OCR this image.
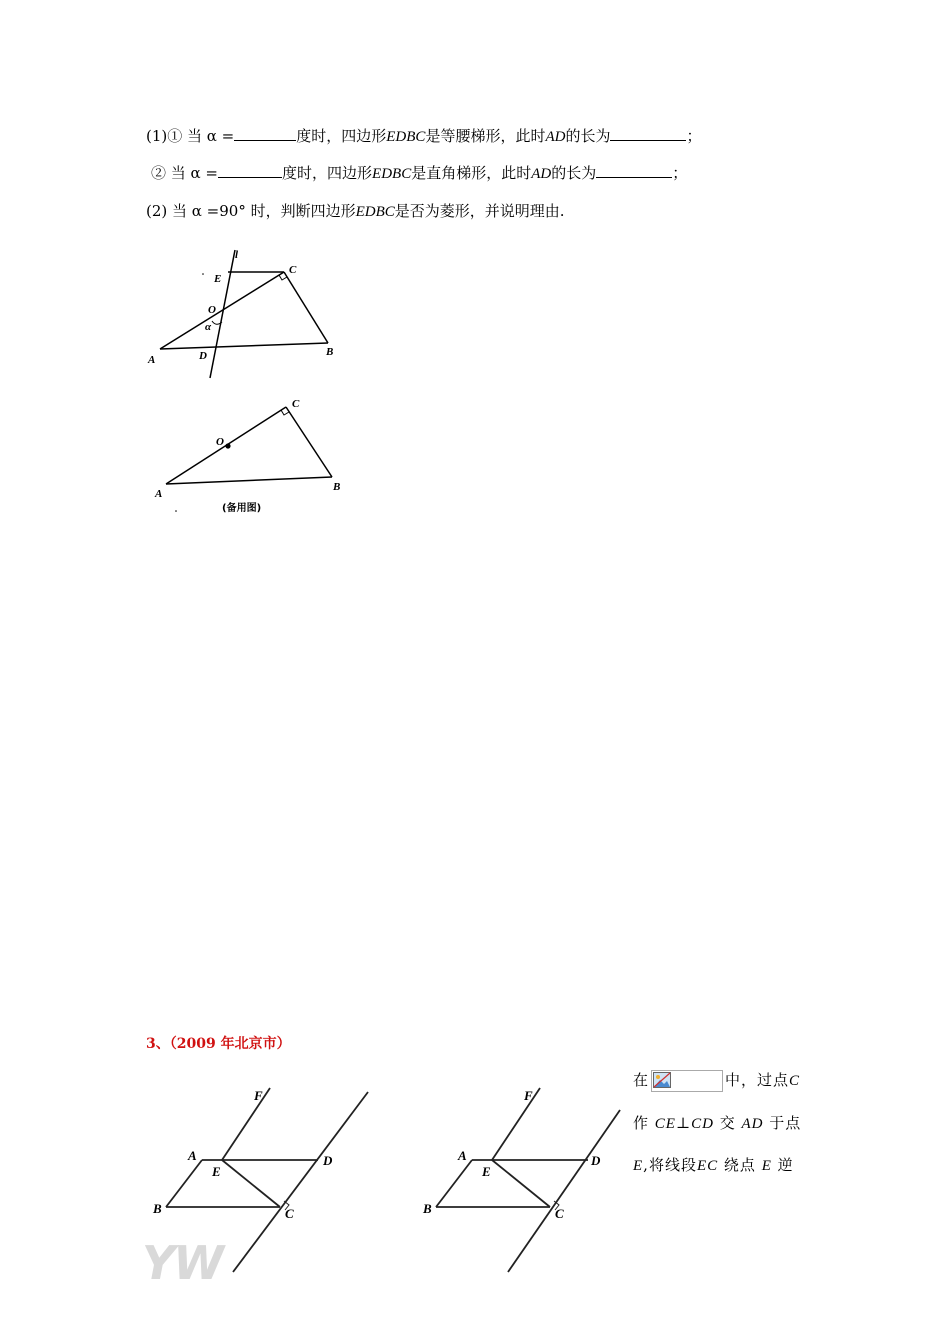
(1)① 当 α =	度时，四边形EDBC是等腰梯形，此时AD的长为	；
② 当 α =	度时，四边形EDBC是直角梯形，此时AD的长为	；
(2) 当 α =90° 时，判断四边形EDBC是否为菱形，并说明理由.
l
E
C
O
α
A	D	B
C
O
A
B
(备用图)
3、（2009 年北京市）
YW
F
A
E
D
B	C
F
A
E
D
B	C
在	中，过点C
作 CE⊥CD 交 AD 于点
E,将线段EC 绕点 E 逆
